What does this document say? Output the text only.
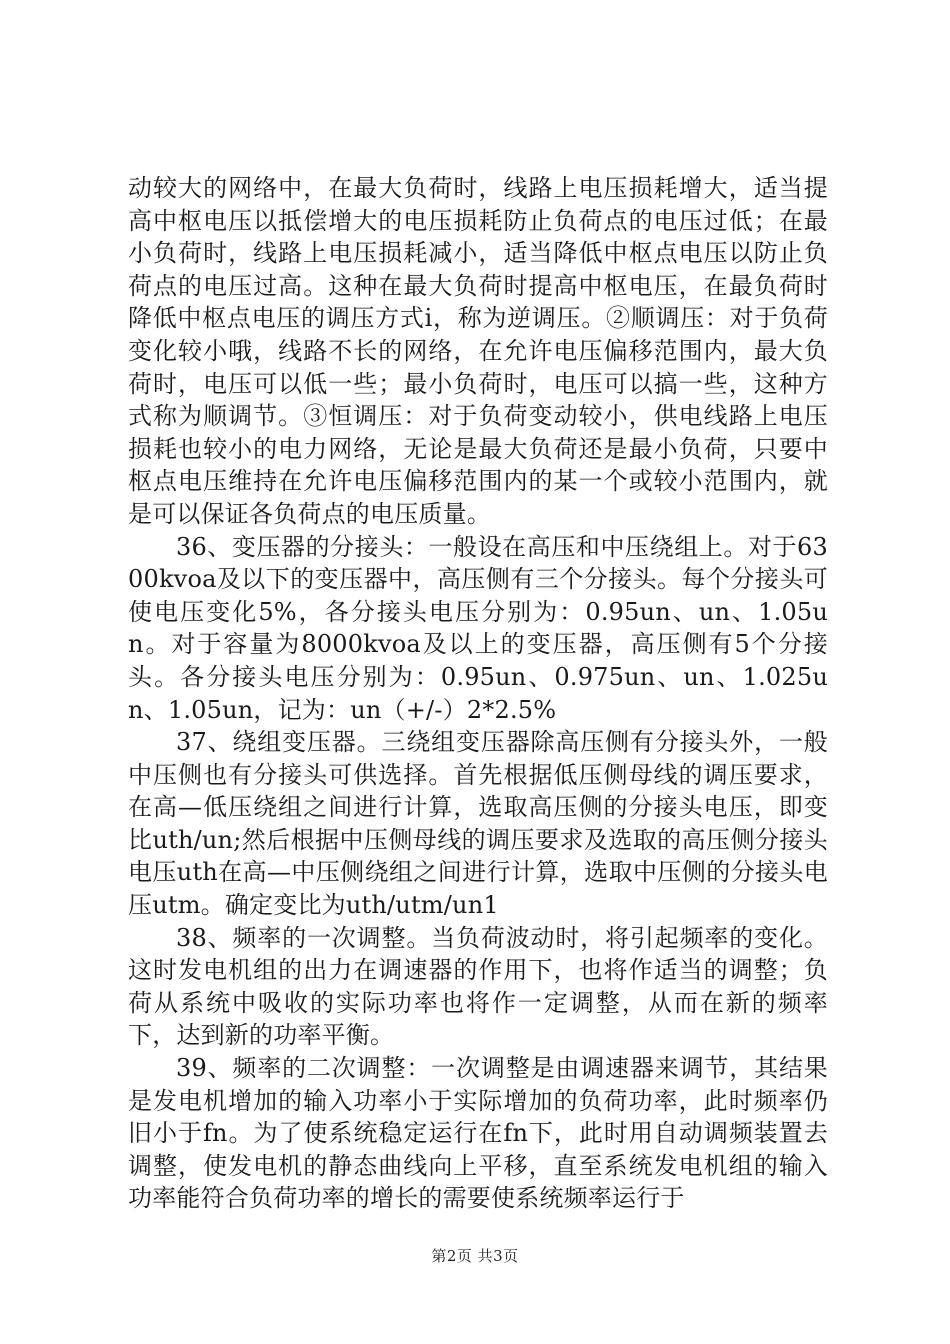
动较大的网络中，在最大负荷时，线路上电压损耗增大，适当提高中枢电压以抵偿增大的电压损耗防止负荷点的电压过低；在最小负荷时，线路上电压损耗减小，适当降低中枢点电压以防止负荷点的电压过高。这种在最大负荷时提高中枢电压，在最负荷时降低中枢点电压的调压方式i，称为逆调压。②顺调压：对于负荷变化较小哦，线路不长的网络，在允许电压偏移范围内，最大负荷时，电压可以低一些；最小负荷时，电压可以搞一些，这种方式称为顺调节。③恒调压：对于负荷变动较小，供电线路上电压损耗也较小的电力网络，无论是最大负荷还是最小负荷，只要中枢点电压维持在允许电压偏移范围内的某一个或较小范围内，就是可以保证各负荷点的电压质量。

36、变压器的分接头：一般设在高压和中压绕组上。对于6300kvoa及以下的变压器中，高压侧有三个分接头。每个分接头可使电压变化5%，各分接头电压分别为：0.95un、un、1.05un。对于容量为8000kvoa及以上的变压器，高压侧有5个分接头。各分接头电压分别为：0.95un、0.975un、un、1.025un、1.05un，记为：un（+/-）2*2.5%

37、绕组变压器。三绕组变压器除高压侧有分接头外，一般中压侧也有分接头可供选择。首先根据低压侧母线的调压要求，在高—低压绕组之间进行计算，选取高压侧的分接头电压，即变比uth/un;然后根据中压侧母线的调压要求及选取的高压侧分接头电压uth在高—中压侧绕组之间进行计算，选取中压侧的分接头电压utm。确定变比为uth/utm/un1

38、频率的一次调整。当负荷波动时，将引起频率的变化。这时发电机组的出力在调速器的作用下，也将作适当的调整；负荷从系统中吸收的实际功率也将作一定调整，从而在新的频率下，达到新的功率平衡。

39、频率的二次调整：一次调整是由调速器来调节，其结果是发电机增加的输入功率小于实际增加的负荷功率，此时频率仍旧小于fn。为了使系统稳定运行在fn下，此时用自动调频装置去调整，使发电机的静态曲线向上平移，直至系统发电机组的输入功率能符合负荷功率的增长的需要使系统频率运行于

第2页 共3页
